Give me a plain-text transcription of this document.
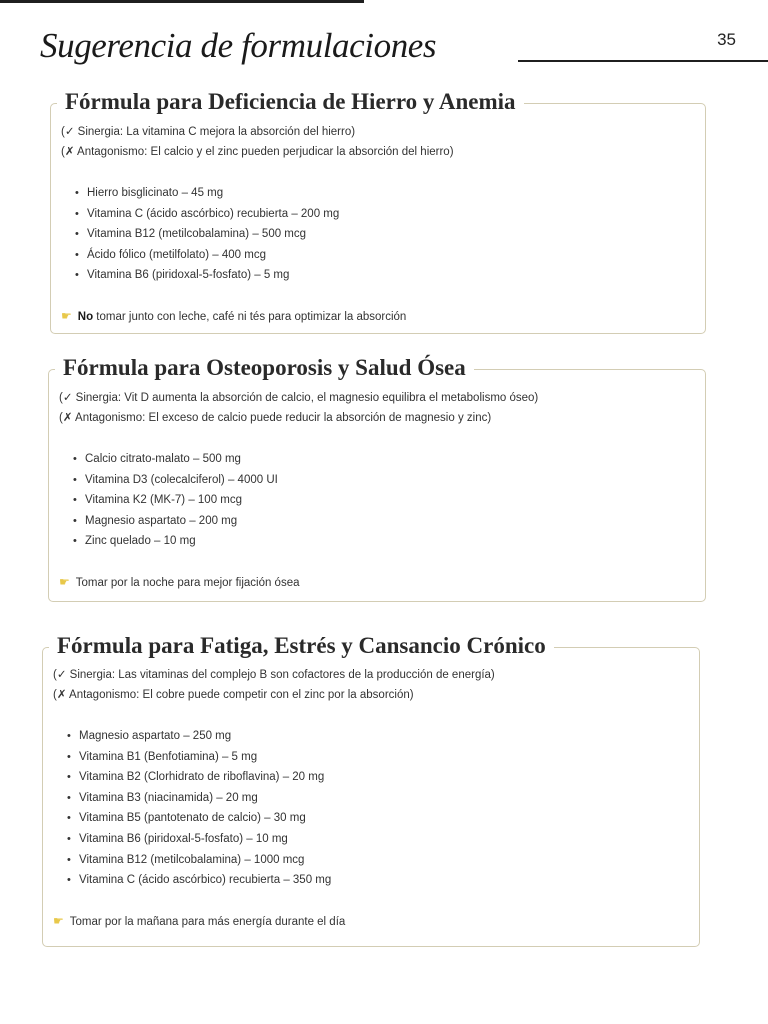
Sugerencia de formulaciones	35
Fórmula para Deficiencia de Hierro y Anemia
(✓ Sinergia: La vitamina C mejora la absorción del hierro)
(✗ Antagonismo: El calcio y el zinc pueden perjudicar la absorción del hierro)
• Hierro bisglicinato – 45 mg
• Vitamina C (ácido ascórbico) recubierta – 200 mg
• Vitamina B12 (metilcobalamina) – 500 mcg
• Ácido fólico (metilfolato) – 400 mcg
• Vitamina B6 (piridoxal-5-fosfato) – 5 mg
☛ No tomar junto con leche, café ni tés para optimizar la absorción
Fórmula para Osteoporosis y Salud Ósea
(✓ Sinergia: Vit D aumenta la absorción de calcio, el magnesio equilibra el metabolismo óseo)
(✗ Antagonismo: El exceso de calcio puede reducir la absorción de magnesio y zinc)
• Calcio citrato-malato – 500 mg
• Vitamina D3 (colecalciferol) – 4000 UI
• Vitamina K2 (MK-7) – 100 mcg
• Magnesio aspartato – 200 mg
• Zinc quelado – 10 mg
☛ Tomar por la noche para mejor fijación ósea
Fórmula para Fatiga, Estrés y Cansancio Crónico
(✓ Sinergia: Las vitaminas del complejo B son cofactores de la producción de energía)
(✗ Antagonismo: El cobre puede competir con el zinc por la absorción)
• Magnesio aspartato – 250 mg
• Vitamina B1 (Benfotiamina) – 5 mg
• Vitamina B2 (Clorhidrato de riboflavina) – 20 mg
• Vitamina B3 (niacinamida) – 20 mg
• Vitamina B5 (pantotenato de calcio) – 30 mg
• Vitamina B6 (piridoxal-5-fosfato) – 10 mg
• Vitamina B12 (metilcobalamina) – 1000 mcg
• Vitamina C (ácido ascórbico) recubierta – 350 mg
☛ Tomar por la mañana para más energía durante el día
